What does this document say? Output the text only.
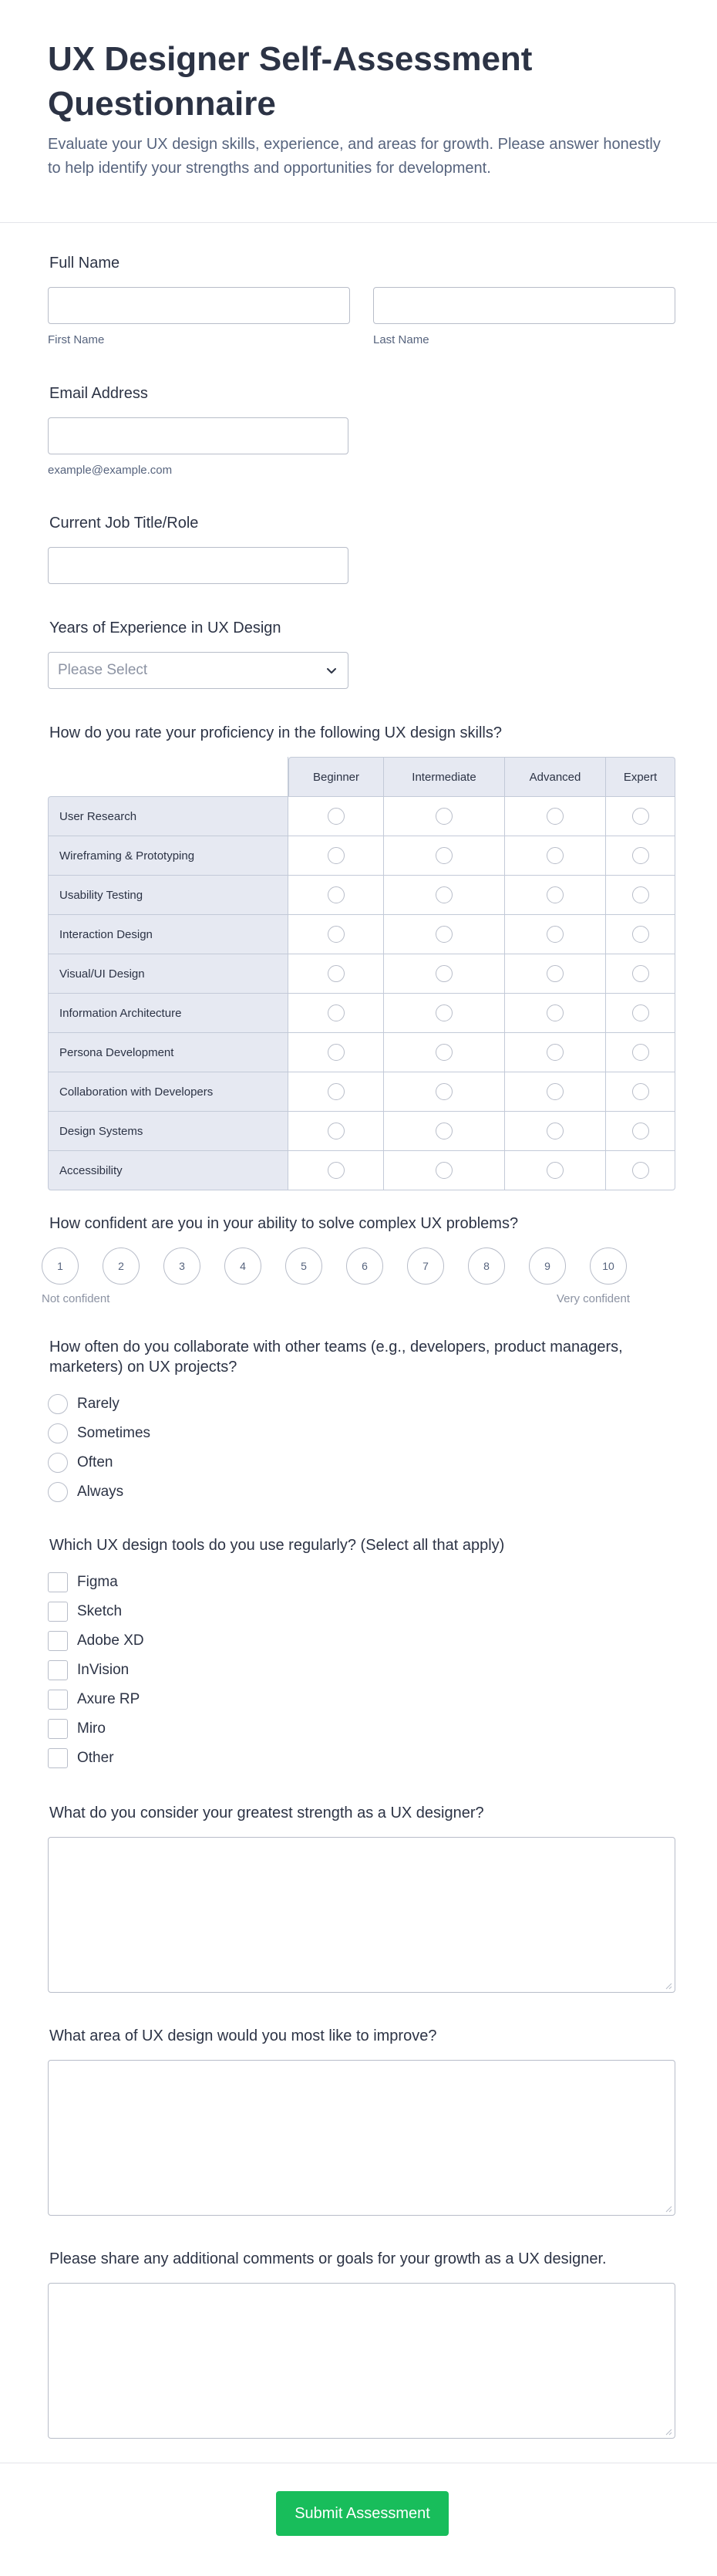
UX Designer Self-Assessment Questionnaire

Evaluate your UX design skills, experience, and areas for growth. Please answer honestly to help identify your strengths and opportunities for development.

Full Name
First Name	Last Name
Email Address
example@example.com
Current Job Title/Role
Years of Experience in UX Design
Please Select
How do you rate your proficiency in the following UX design skills?
	Beginner	Intermediate	Advanced	Expert
User Research				
Wireframing & Prototyping				
Usability Testing				
Interaction Design				
Visual/UI Design				
Information Architecture				
Persona Development				
Collaboration with Developers				
Design Systems				
Accessibility				
How confident are you in your ability to solve complex UX problems?
1	2	3	4	5	6	7	8	9	10
Not confident	Very confident
How often do you collaborate with other teams (e.g., developers, product managers, marketers) on UX projects?
Rarely
Sometimes
Often
Always
Which UX design tools do you use regularly? (Select all that apply)
Figma
Sketch
Adobe XD
InVision
Axure RP
Miro
Other
What do you consider your greatest strength as a UX designer?
What area of UX design would you most like to improve?
Please share any additional comments or goals for your growth as a UX designer.
Submit Assessment
